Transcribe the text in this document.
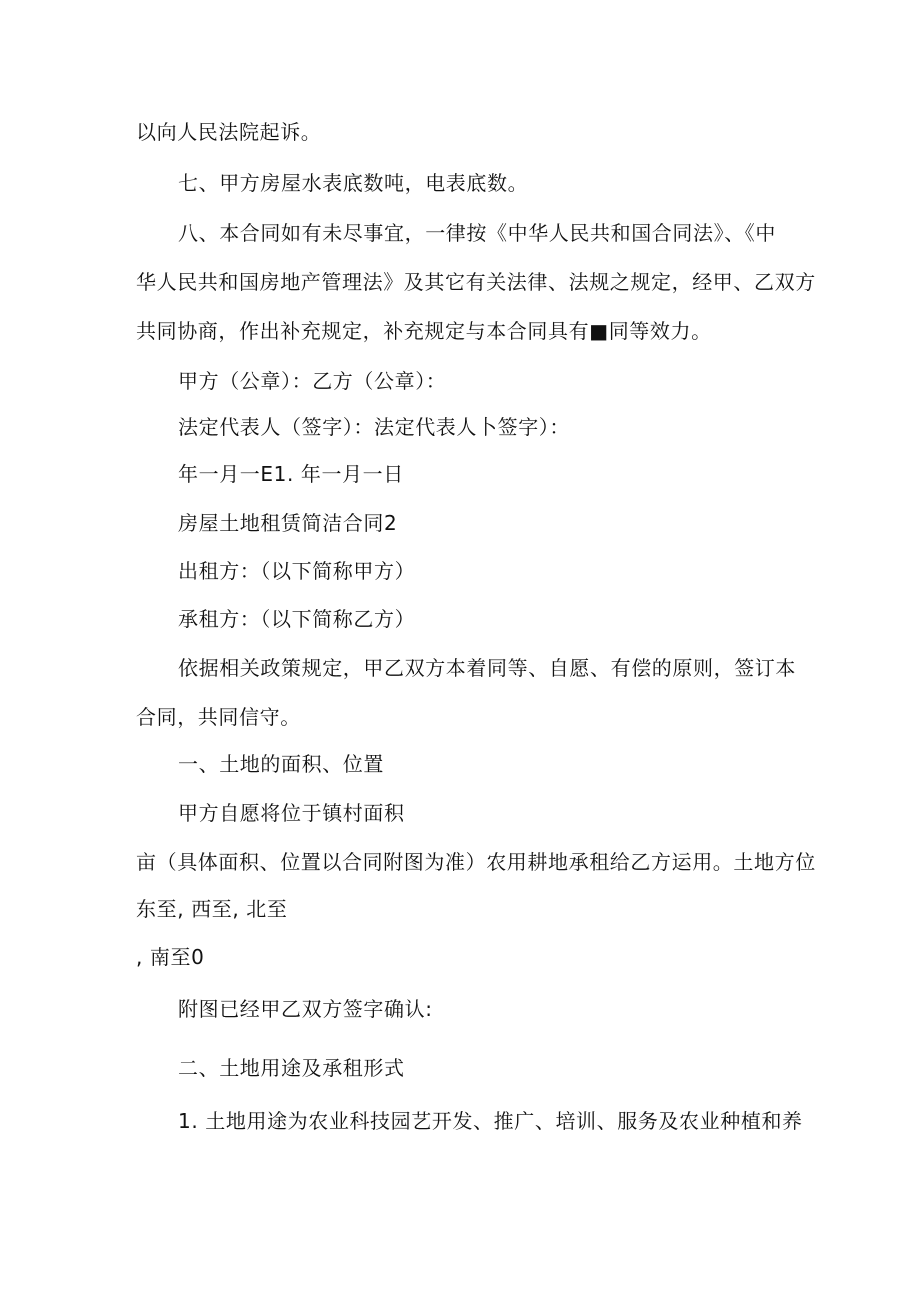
以向人民法院起诉。
七、甲方房屋水表底数吨，电表底数。
八、本合同如有未尽事宜，一律按《中华人民共和国合同法》、《中
华人民共和国房地产管理法》及其它有关法律、法规之规定，经甲、乙双方
共同协商，作出补充规定，补充规定与本合同具有■同等效力。
甲方（公章）：乙方（公章）：
法定代表人（签字）：法定代表人卜签字）：
年一月一E1. 年一月一日
房屋土地租赁简洁合同2
出租方：（以下简称甲方）
承租方：（以下简称乙方）
依据相关政策规定，甲乙双方本着同等、自愿、有偿的原则，签订本
合同，共同信守。
一、土地的面积、位置
甲方自愿将位于镇村面积
亩（具体面积、位置以合同附图为准）农用耕地承租给乙方运用。土地方位
东至, 西至, 北至
, 南至0
附图已经甲乙双方签字确认:
二、土地用途及承租形式
1. 土地用途为农业科技园艺开发、推广、培训、服务及农业种植和养
